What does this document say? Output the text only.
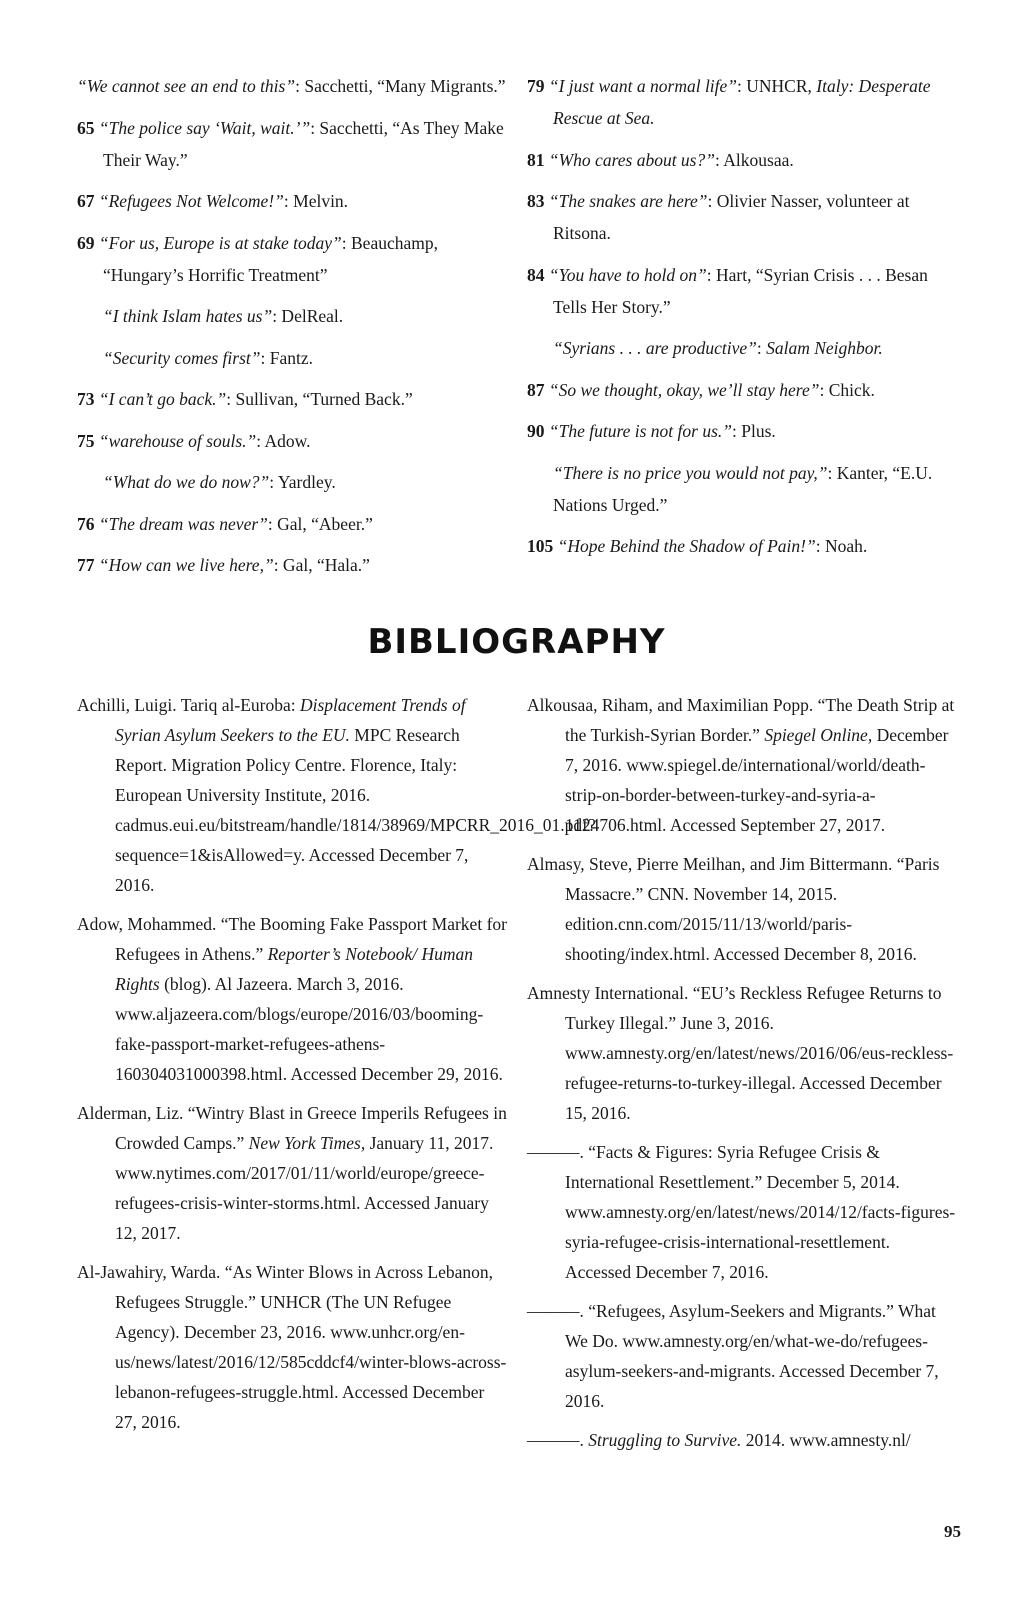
“We cannot see an end to this”: Sacchetti, “Many Migrants.”

65 “The police say ‘Wait, wait.’”: Sacchetti, “As They Make Their Way.”

67 “Refugees Not Welcome!”: Melvin.

69 “For us, Europe is at stake today”: Beauchamp, “Hungary’s Horrific Treatment”

“I think Islam hates us”: DelReal.

“Security comes first”: Fantz.

73 “I can’t go back.”: Sullivan, “Turned Back.”

75 “warehouse of souls.”: Adow.

“What do we do now?”: Yardley.

76 “The dream was never”: Gal, “Abeer.”

77 “How can we live here,”: Gal, “Hala.”

79 “I just want a normal life”: UNHCR, Italy: Desperate Rescue at Sea.

81 “Who cares about us?”: Alkousaa.

83 “The snakes are here”: Olivier Nasser, volunteer at Ritsona.

84 “You have to hold on”: Hart, “Syrian Crisis . . . Besan Tells Her Story.”

“Syrians . . . are productive”: Salam Neighbor.

87 “So we thought, okay, we’ll stay here”: Chick.

90 “The future is not for us.”: Plus.

“There is no price you would not pay,”: Kanter, “E.U. Nations Urged.”

105 “Hope Behind the Shadow of Pain!”: Noah.

BIBLIOGRAPHY

Achilli, Luigi. Tariq al-Euroba: Displacement Trends of Syrian Asylum Seekers to the EU. MPC Research Report. Migration Policy Centre. Florence, Italy: European University Institute, 2016. cadmus.eui.eu/bitstream/handle/1814/38969/MPCRR_2016_01.pdf?sequence=1&isAllowed=y. Accessed December 7, 2016.

Adow, Mohammed. “The Booming Fake Passport Market for Refugees in Athens.” Reporter’s Notebook/ Human Rights (blog). Al Jazeera. March 3, 2016. www.aljazeera.com/blogs/europe/2016/03/booming-fake-passport-market-refugees-athens-160304031000398.html. Accessed December 29, 2016.

Alderman, Liz. “Wintry Blast in Greece Imperils Refugees in Crowded Camps.” New York Times, January 11, 2017. www.nytimes.com/2017/01/11/world/europe/greece-refugees-crisis-winter-storms.html. Accessed January 12, 2017.

Al-Jawahiry, Warda. “As Winter Blows in Across Lebanon, Refugees Struggle.” UNHCR (The UN Refugee Agency). December 23, 2016. www.unhcr.org/en-us/news/latest/2016/12/585cddcf4/winter-blows-across-lebanon-refugees-struggle.html. Accessed December 27, 2016.

Alkousaa, Riham, and Maximilian Popp. “The Death Strip at the Turkish-Syrian Border.” Spiegel Online, December 7, 2016. www.spiegel.de/international/world/death-strip-on-border-between-turkey-and-syria-a-1124706.html. Accessed September 27, 2017.

Almasy, Steve, Pierre Meilhan, and Jim Bittermann. “Paris Massacre.” CNN. November 14, 2015. edition.cnn.com/2015/11/13/world/paris-shooting/index.html. Accessed December 8, 2016.

Amnesty International. “EU’s Reckless Refugee Returns to Turkey Illegal.” June 3, 2016. www.amnesty.org/en/latest/news/2016/06/eus-reckless-refugee-returns-to-turkey-illegal. Accessed December 15, 2016.

———. “Facts & Figures: Syria Refugee Crisis & International Resettlement.” December 5, 2014. www.amnesty.org/en/latest/news/2014/12/facts-figures-syria-refugee-crisis-international-resettlement. Accessed December 7, 2016.

———. “Refugees, Asylum-Seekers and Migrants.” What We Do. www.amnesty.org/en/what-we-do/refugees-asylum-seekers-and-migrants. Accessed December 7, 2016.

———. Struggling to Survive. 2014. www.amnesty.nl/

95
